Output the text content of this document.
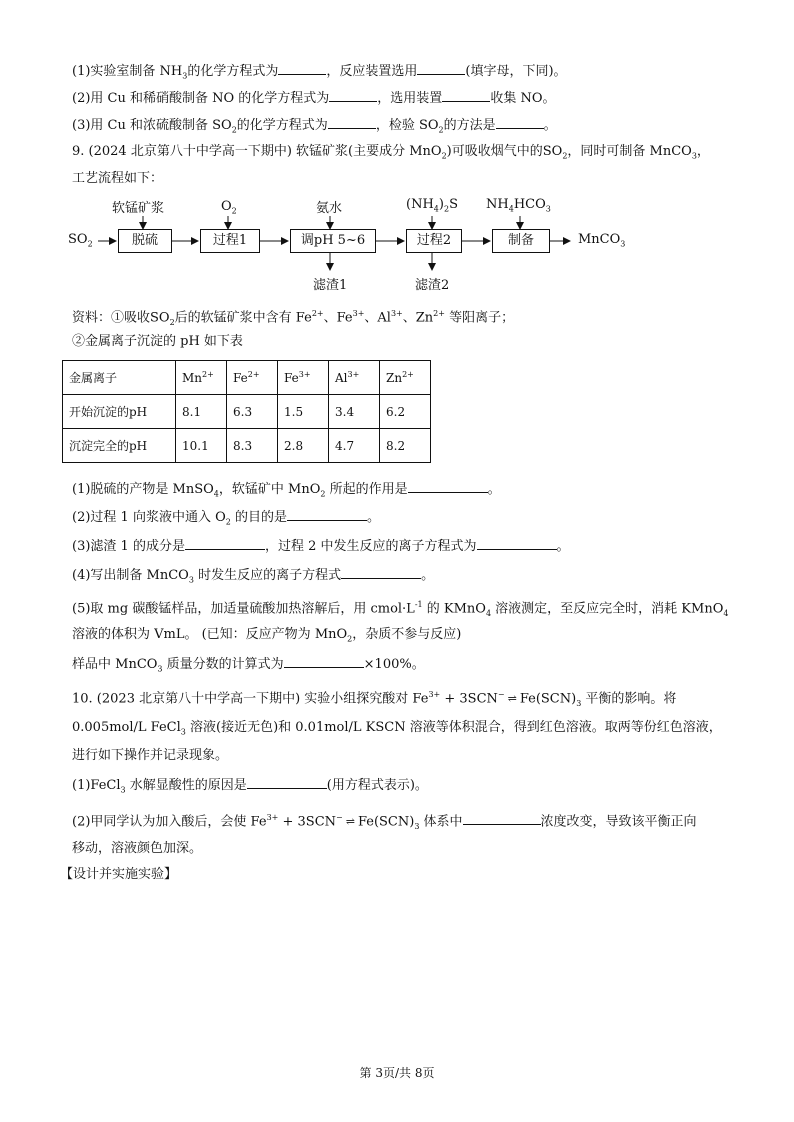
(1)实验室制备 $NH_3$的化学方程式为	，反应装置选用	(填字母，下同)。
(2)用 Cu 和稀硝酸制备 NO 的化学方程式为	，选用装置	收集 NO。
(3)用 Cu 和浓硫酸制备 $SO_2$的化学方程式为	，检验 $SO_2$的方法是	。
9. (2024 北京第八十中学高一下期中) 软锰矿浆(主要成分 MnO$_2$)可吸收烟气中的$SO_2$，同时可制备 MnCO$_3$，
工艺流程如下：
$SO_2$	脱硫	过程1	调pH 5~6	过程2	制备	MnCO$_3$
软锰矿浆	$O_2$	氨水	$(NH_4)_2S$ $NH_4HCO_3$
滤渣1	滤渣2
资料：①吸收$SO_2$后的软锰矿浆中含有 $Fe^{2+}$、$Fe^{3+}$、$Al^{3+}$、$Zn^{2+}$ 等阳离子；
②金属离子沉淀的 pH 如下表
金属离子	$Mn^{2+}$	$Fe^{2+}$	$Fe^{3+}$	$Al^{3+}$	$Zn^{2+}$
开始沉淀的pH	8.1	6.3	1.5	3.4	6.2
沉淀完全的pH	10.1	8.3	2.8	4.7	8.2
(1)脱硫的产物是 MnSO$_4$，软锰矿中 MnO$_2$ 所起的作用是	。
(2)过程 1 向浆液中通入 $O_2$ 的目的是	。
(3)滤渣 1 的成分是	，过程 2 中发生反应的离子方程式为	。
(4)写出制备 MnCO$_3$ 时发生反应的离子方程式	。
(5)取 mg 碳酸锰样品，加适量硫酸加热溶解后，用 $cmol\cdot L^{-1}$ 的 KMnO$_4$ 溶液测定，至反应完全时，消耗 KMnO$_4$
溶液的体积为 VmL。 (已知：反应产物为 MnO$_2$，杂质不参与反应)
样品中 MnCO$_3$ 质量分数的计算式为	×100%。
10. (2023 北京第八十中学高一下期中) 实验小组探究酸对 $Fe^{3+} + 3SCN^-$ ⇌ $Fe(SCN)_3$ 平衡的影响。将
0.005mol/L FeCl$_3$ 溶液(接近无色)和 0.01mol/L KSCN 溶液等体积混合，得到红色溶液。取两等份红色溶液，
进行如下操作并记录现象。
(1)FeCl$_3$ 水解显酸性的原因是	(用方程式表示)。
(2)甲同学认为加入酸后，会使 $Fe^{3+} + 3SCN^-$ ⇌ $Fe(SCN)_3$ 体系中	浓度改变，导致该平衡正向
移动，溶液颜色加深。
【设计并实施实验】
第 3页/共 8页
